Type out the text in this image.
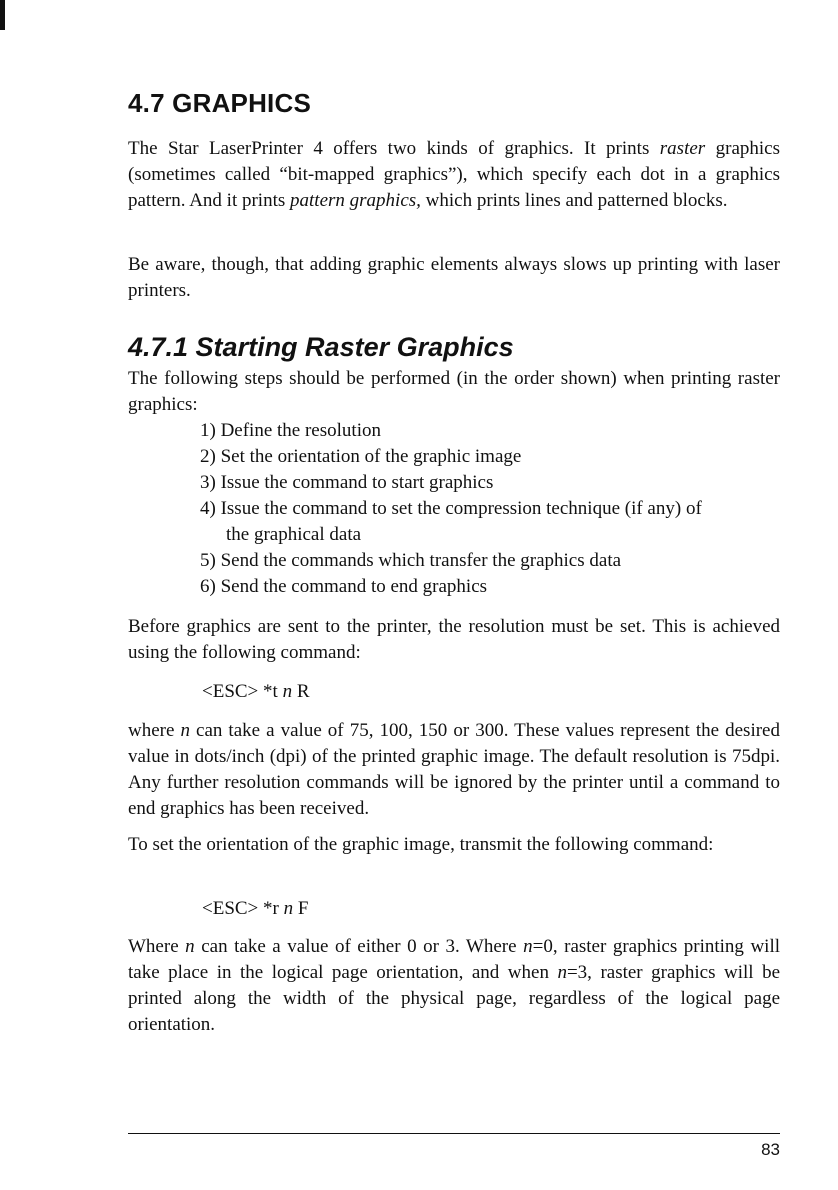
4.7 GRAPHICS

The Star LaserPrinter 4 offers two kinds of graphics. It prints raster graphics (sometimes called “bit-mapped graphics”), which specify each dot in a graphics pattern. And it prints pattern graphics, which prints lines and patterned blocks.

Be aware, though, that adding graphic elements always slows up printing with laser printers.

4.7.1 Starting Raster Graphics

The following steps should be performed (in the order shown) when printing raster graphics:

1) Define the resolution
2) Set the orientation of the graphic image
3) Issue the command to start graphics
4) Issue the command to set the compression technique (if any) of
the graphical data
5) Send the commands which transfer the graphics data
6) Send the command to end graphics

Before graphics are sent to the printer, the resolution must be set. This is achieved using the following command:

<ESC> *t n R

where n can take a value of 75, 100, 150 or 300. These values represent the desired value in dots/inch (dpi) of the printed graphic image. The default resolution is 75dpi. Any further resolution commands will be ignored by the printer until a command to end graphics has been received.

To set the orientation of the graphic image, transmit the following command:

<ESC> *r n F

Where n can take a value of either 0 or 3. Where n=0, raster graphics printing will take place in the logical page orientation, and when n=3, raster graphics will be printed along the width of the physical page, regardless of the logical page orientation.

83
